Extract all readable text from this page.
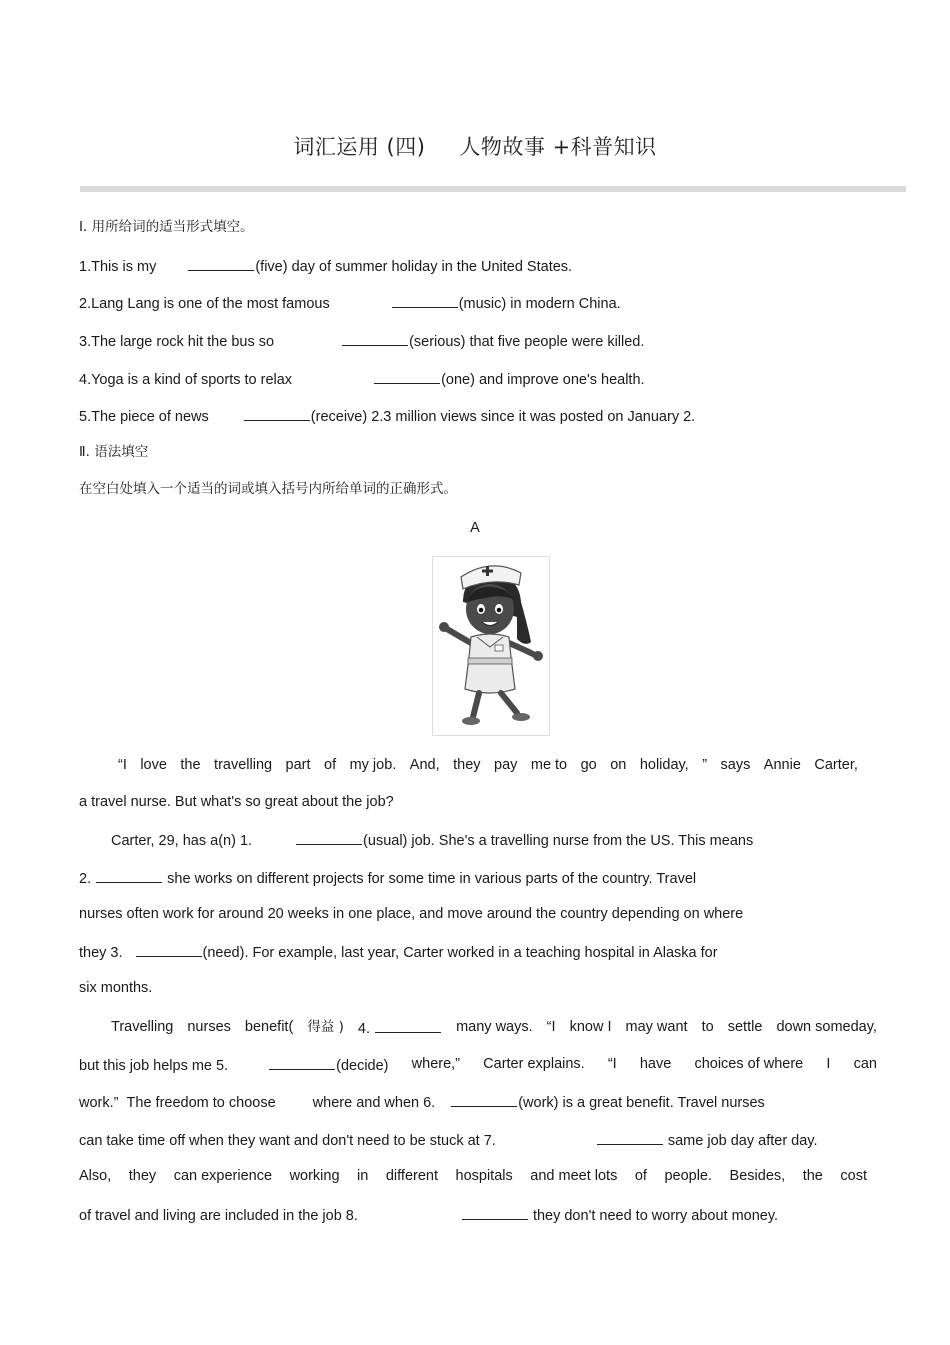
词汇运用 (四) 人物故事 +科普知识
Ⅰ. 用所给词的适当形式填空。
1.This is my	(five) day of summer holiday in the United States.
2.Lang Lang is one of the most famous	(music) in modern China.
3.The large rock hit the bus so	(serious) that five people were killed.
4.Yoga is a kind of sports to relax	(one) and improve one's health.
5.The piece of news	(receive) 2.3 million views since it was posted on January 2.
Ⅱ. 语法填空
在空白处填入一个适当的词或填入括号内所给单词的正确形式。
A
“I love the travelling part of my job. And, they pay me to go on holiday, ” says Annie Carter,
a travel nurse. But what's so great about the job?
Carter, 29, has a(n) 1.	(usual) job. She's a travelling nurse from the US. This means
2.	she works on different projects for some time in various parts of the country. Travel
nurses often work for around 20 weeks in one place, and move around the country depending on where
they 3.	(need). For example, last year, Carter worked in a teaching hospital in Alaska for
six months.
Travelling nurses benefit( 得益 ) 4.	many ways. “I know I may want to settle down someday,
but this job helps me 5.	(decide) where,” Carter explains. “I have choices of where I can
work.” The freedom to choose	where and when 6.	(work) is a great benefit. Travel nurses
can take time off when they want and don't need to be stuck at 7.	same job day after day.
Also, they can experience working in different hospitals and meet lots of people. Besides, the cost
of travel and living are included in the job 8.	they don't need to worry about money.
